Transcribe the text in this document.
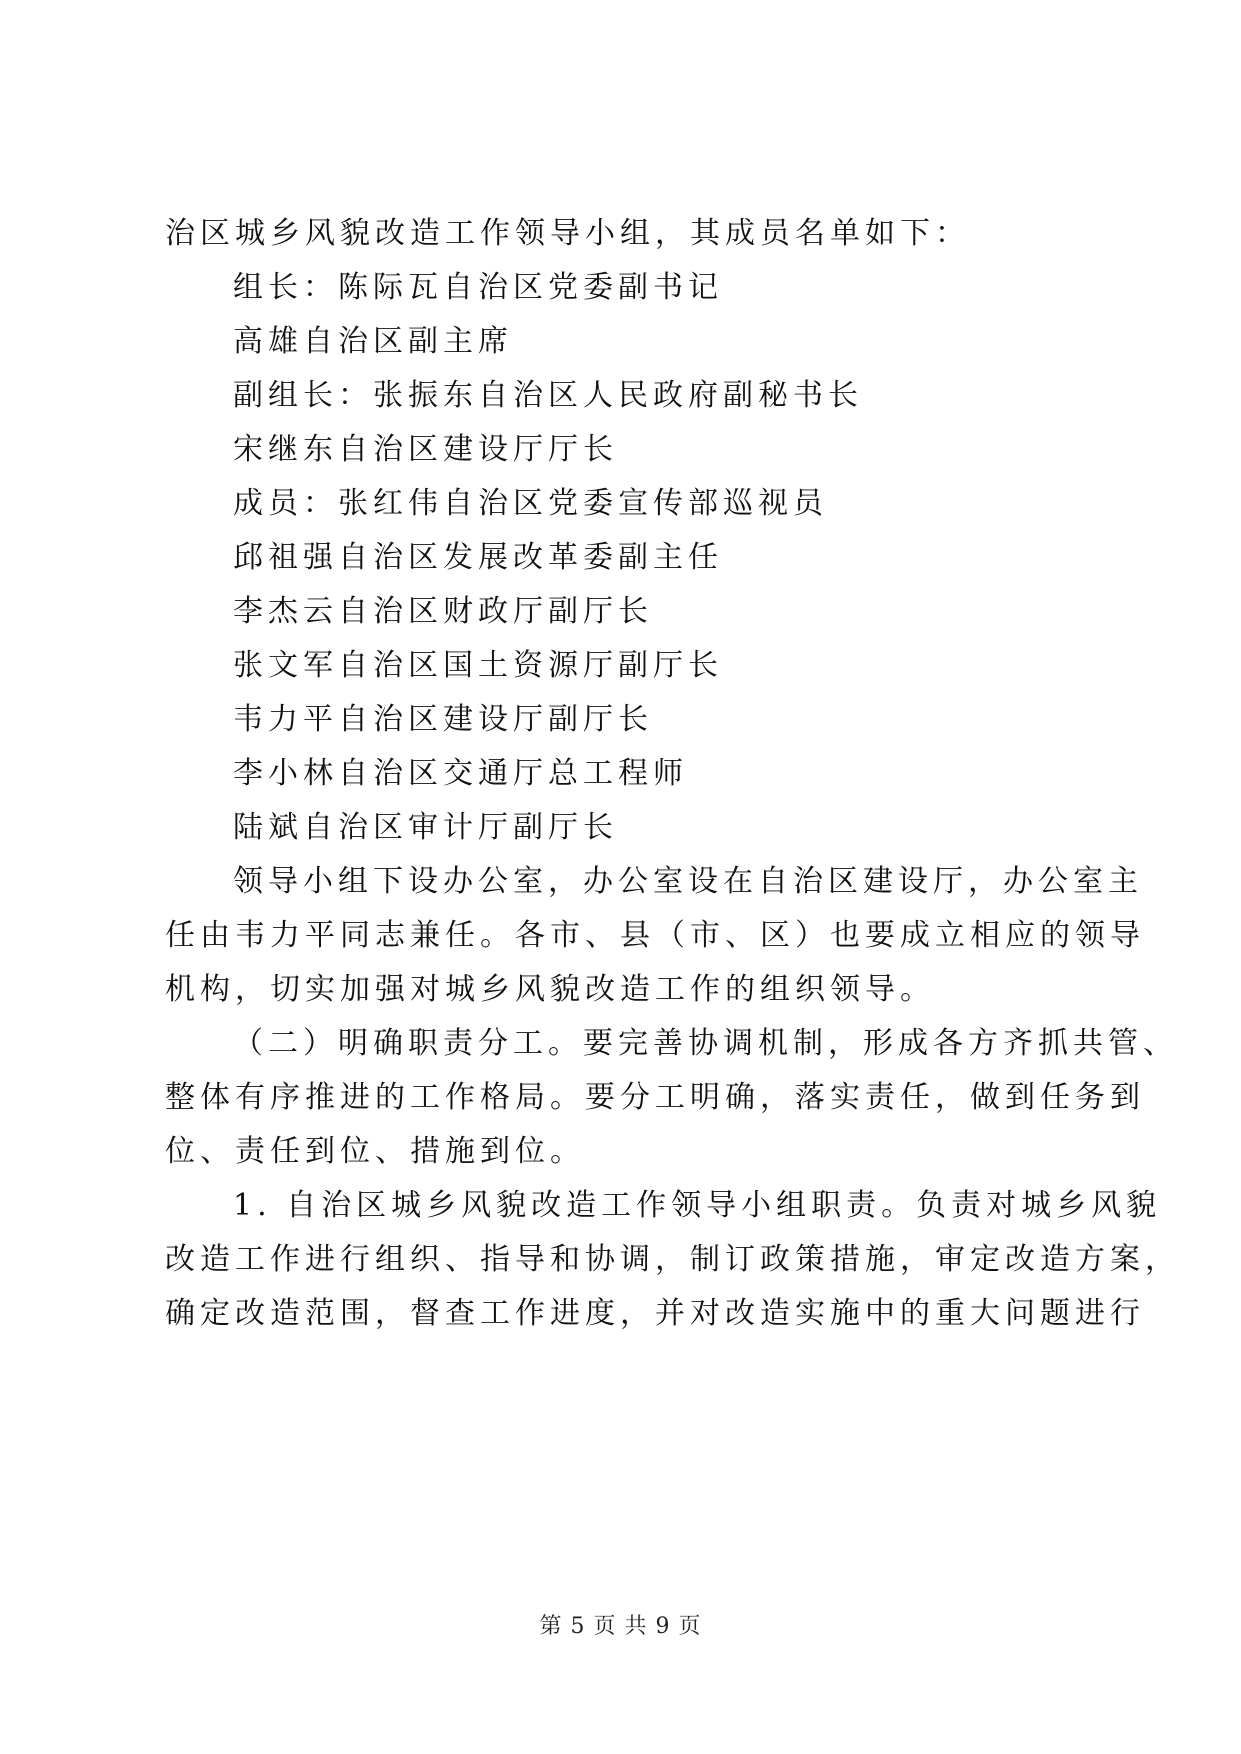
治区城乡风貌改造工作领导小组，其成员名单如下：
组长：陈际瓦自治区党委副书记
高雄自治区副主席
副组长：张振东自治区人民政府副秘书长
宋继东自治区建设厅厅长
成员：张红伟自治区党委宣传部巡视员
邱祖强自治区发展改革委副主任
李杰云自治区财政厅副厅长
张文军自治区国土资源厅副厅长
韦力平自治区建设厅副厅长
李小林自治区交通厅总工程师
陆斌自治区审计厅副厅长
领导小组下设办公室，办公室设在自治区建设厅，办公室主
任由韦力平同志兼任。各市、县（市、区）也要成立相应的领导
机构，切实加强对城乡风貌改造工作的组织领导。
（二）明确职责分工。要完善协调机制，形成各方齐抓共管、
整体有序推进的工作格局。要分工明确，落实责任，做到任务到
位、责任到位、措施到位。
1. 自治区城乡风貌改造工作领导小组职责。负责对城乡风貌
改造工作进行组织、指导和协调，制订政策措施，审定改造方案，
确定改造范围，督查工作进度，并对改造实施中的重大问题进行
第 5 页 共 9 页
